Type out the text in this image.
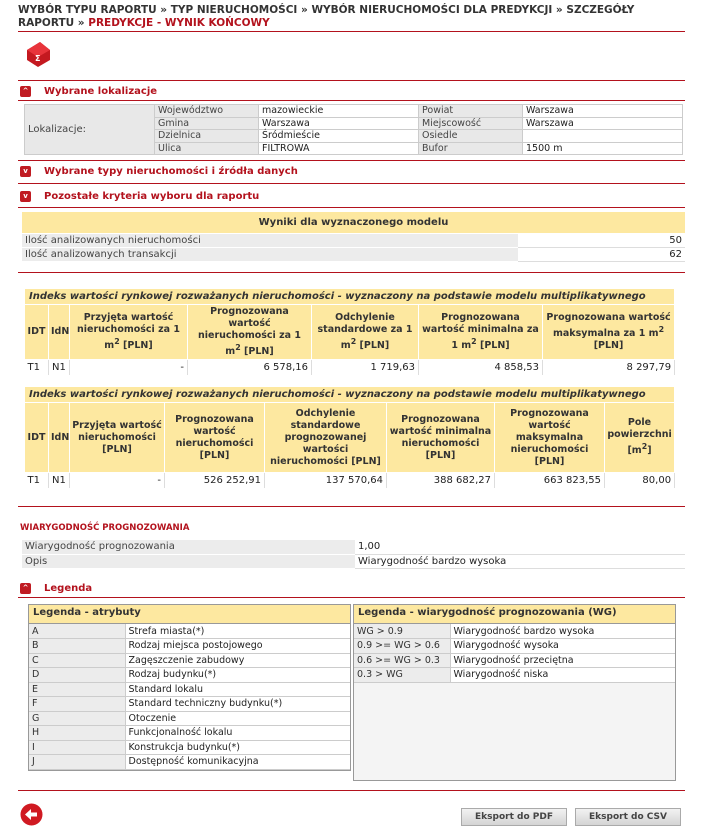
WYBÓR TYPU RAPORTU » TYP NIERUCHOMOŚCI » WYBÓR NIERUCHOMOŚCI DLA PREDYKCJI » SZCZEGÓŁY RAPORTU » PREDYKCJE - WYNIK KOŃCOWY
Σ
^ Wybrane lokalizacje
Lokalizacje:	Województwo	mazowieckie	Powiat	Warszawa
	Gmina	Warszawa	Miejscowość	Warszawa
	Dzielnica	Śródmieście	Osiedle	
	Ulica	FILTROWA	Bufor	1500 m
v	Wybrane typy nieruchomości i źródła danych
v	Pozostałe kryteria wyboru dla raportu
Wyniki dla wyznaczonego modelu	
Ilość analizowanych nieruchomości	50
Ilość analizowanych transakcji	62
Indeks wartości rynkowej rozważanych nieruchomości - wyznaczony na podstawie modelu multiplikatywnego						
IDT	IdN	Przyjęta wartość nieruchomości za 1 $m^2$ [PLN]	Prognozowana wartość nieruchomości za 1 $m^2$ [PLN]	Odchylenie standardowe za 1 $m^2$ [PLN]	Prognozowana wartość minimalna za 1 $m^2$ [PLN]	Prognozowana wartość maksymalna za 1 $m^2$ [PLN]
T1	N1	-	6 578,16	1 719,63	4 858,53	8 297,79
Indeks wartości rynkowej rozważanych nieruchomości - wyznaczony na podstawie modelu multiplikatywnego							
IDT	IdN	Przyjęta wartość nieruchomości [PLN]	Prognozowana wartość nieruchomości [PLN]	Odchylenie standardowe prognozowanej wartości nieruchomości [PLN]	Prognozowana wartość minimalna nieruchomości [PLN]	Prognozowana wartość maksymalna nieruchomości [PLN]	Pole powierzchni $[m^2]$
T1	N1	-	526 252,91	137 570,64	388 682,27	663 823,55	80,00
WIARYGODNOŚĆ PROGNOZOWANIA
Wiarygodność prognozowania	1,00
Opis	Wiarygodność bardzo wysoka
^ Legenda
Legenda - atrybuty
A	Strefa miasta(*)
B	Rodzaj miejsca postojowego
C	Zagęszczenie zabudowy
D	Rodzaj budynku(*)
E	Standard lokalu
F	Standard techniczny budynku(*)
G	Otoczenie
H	Funkcjonalność lokalu
I	Konstrukcja budynku(*)
J	Dostępność komunikacyjna
Legenda - wiarygodność prognozowania (WG)
WG > 0.9	Wiarygodność bardzo wysoka
0.9 >= WG > 0.6	Wiarygodność wysoka
0.6 >= WG > 0.3	Wiarygodność przeciętna
0.3 > WG	Wiarygodność niska
Eksport do PDF	Eksport do CSV
